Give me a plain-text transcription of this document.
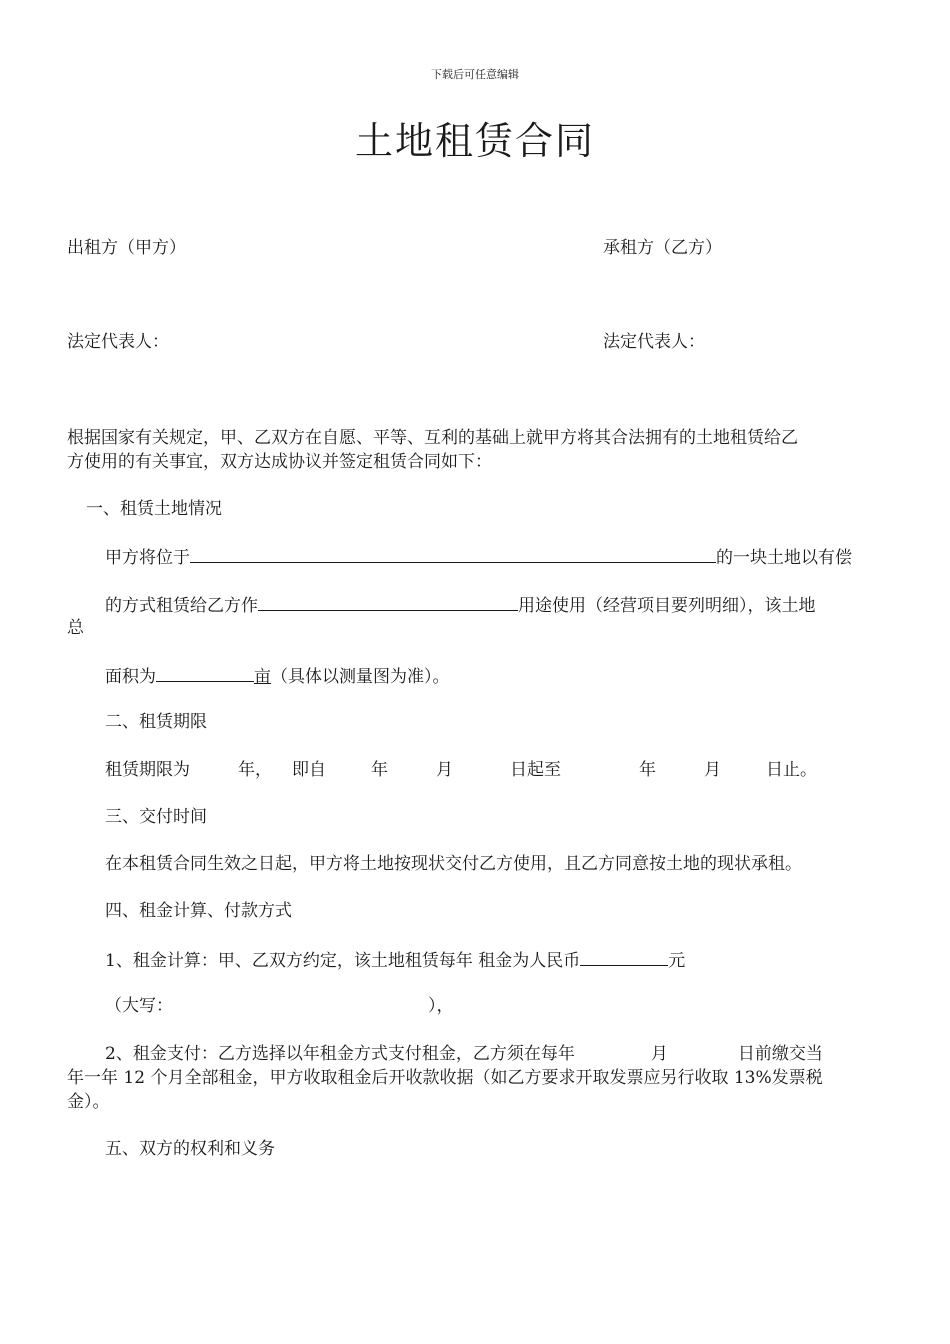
下载后可任意编辑
土地租赁合同
出租方（甲方）	承租方（乙方）
法定代表人：	法定代表人：
根据国家有关规定，甲、乙双方在自愿、平等、互利的基础上就甲方将其合法拥有的土地租赁给乙
方使用的有关事宜，双方达成协议并签定租赁合同如下：
一、租赁土地情况
甲方将位于	的一块土地以有偿
的方式租赁给乙方作	用途使用（经营项目要列明细），该土地
总
面积为	亩（具体以测量图为准）。
二、租赁期限
租赁期限为	年， 即自	年	月	日起至	年	月	日止。
三、交付时间
在本租赁合同生效之日起，甲方将土地按现状交付乙方使用，且乙方同意按土地的现状承租。
四、租金计算、付款方式
1、租金计算：甲、乙双方约定，该土地租赁每年 租金为人民币	元
（大写：	），
2、租金支付：乙方选择以年租金方式支付租金，乙方须在每年	月	日前缴交当
年一年 12 个月全部租金，甲方收取租金后开收款收据（如乙方要求开取发票应另行收取 13%发票税
金）。
五、双方的权利和义务
